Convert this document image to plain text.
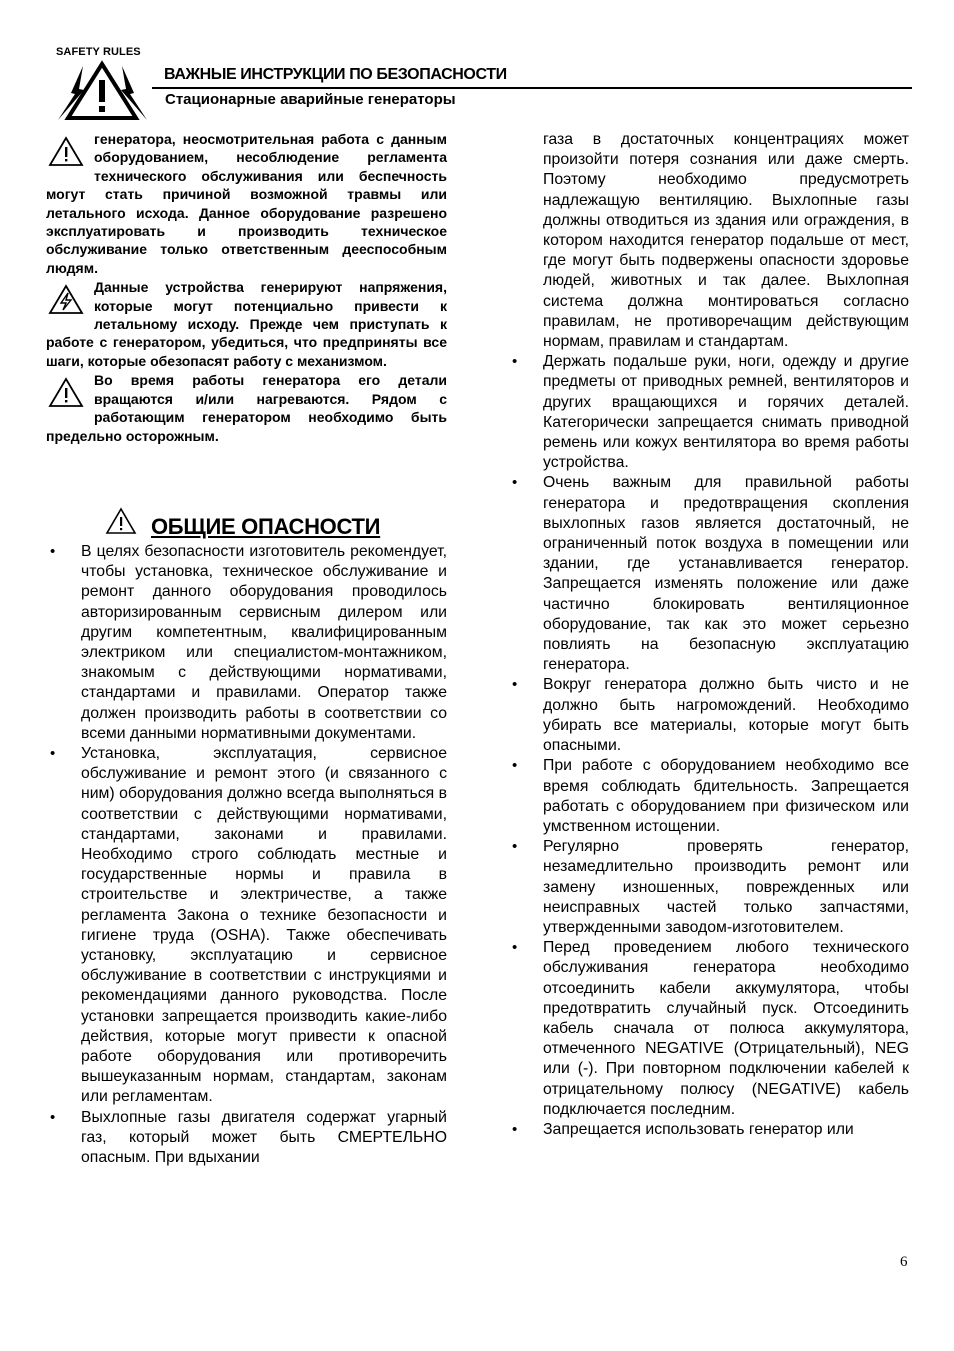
SAFETY RULES
ВАЖНЫЕ ИНСТРУКЦИИ ПО БЕЗОПАСНОСТИ
Стационарные аварийные генераторы
генератора, неосмотрительная работа с данным оборудованием, несоблюдение регламента технического обслуживания или беспечность могут стать причиной возможной травмы или летального исхода. Данное оборудование разрешено эксплуатировать и производить техническое обслуживание только ответственным дееспособным людям.
Данные устройства генерируют напряжения, которые могут потенциально привести к летальному исходу. Прежде чем приступать к работе с генератором, убедиться, что предприняты все шаги, которые обезопасят работу с механизмом.
Во время работы генератора его детали вращаются и/или нагреваются. Рядом с работающим генератором необходимо быть предельно осторожным.
ОБЩИЕ ОПАСНОСТИ
• В целях безопасности изготовитель рекомендует, чтобы установка, техническое обслуживание и ремонт данного оборудования проводилось авторизированным сервисным дилером или другим компетентным, квалифицированным электриком или специалистом-монтажником, знакомым с действующими нормативами, стандартами и правилами. Оператор также должен производить работы в соответствии со всеми данными нормативными документами.
• Установка, эксплуатация, сервисное обслуживание и ремонт этого (и связанного с ним) оборудования должно всегда выполняться в соответствии с действующими нормативами, стандартами, законами и правилами. Необходимо строго соблюдать местные и государственные нормы и правила в строительстве и электричестве, а также регламента Закона о технике безопасности и гигиене труда (OSHA). Также обеспечивать установку, эксплуатацию и сервисное обслуживание в соответствии с инструкциями и рекомендациями данного руководства. После установки запрещается производить какие-либо действия, которые могут привести к опасной работе оборудования или противоречить вышеуказанным нормам, стандартам, законам или регламентам.
• Выхлопные газы двигателя содержат угарный газ, который может быть СМЕРТЕЛЬНО опасным. При вдыхании

газа в достаточных концентрациях может произойти потеря сознания или даже смерть. Поэтому необходимо предусмотреть надлежащую вентиляцию. Выхлопные газы должны отводиться из здания или ограждения, в котором находится генератор подальше от мест, где могут быть подвержены опасности здоровье людей, животных и так далее. Выхлопная система должна монтироваться согласно правилам, не противоречащим действующим нормам, правилам и стандартам.

• Держать подальше руки, ноги, одежду и другие предметы от приводных ремней, вентиляторов и других вращающихся и горячих деталей. Категорически запрещается снимать приводной ремень или кожух вентилятора во время работы устройства.
• Очень важным для правильной работы генератора и предотвращения скопления выхлопных газов является достаточный, не ограниченный поток воздуха в помещении или здании, где устанавливается генератор. Запрещается изменять положение или даже частично блокировать вентиляционное оборудование, так как это может серьезно повлиять на безопасную эксплуатацию генератора.
• Вокруг генератора должно быть чисто и не должно быть нагромождений. Необходимо убирать все материалы, которые могут быть опасными.
• При работе с оборудованием необходимо все время соблюдать бдительность. Запрещается работать с оборудованием при физическом или умственном истощении.
• Регулярно проверять генератор, незамедлительно производить ремонт или замену изношенных, поврежденных или неисправных частей только запчастями, утвержденными заводом-изготовителем.
• Перед проведением любого технического обслуживания генератора необходимо отсоединить кабели аккумулятора, чтобы предотвратить случайный пуск. Отсоединить кабель сначала от полюса аккумулятора, отмеченного NEGATIVE (Отрицательный), NEG или (-). При повторном подключении кабелей к отрицательному полюсу (NEGATIVE) кабель подключается последним.
• Запрещается использовать генератор или
6
